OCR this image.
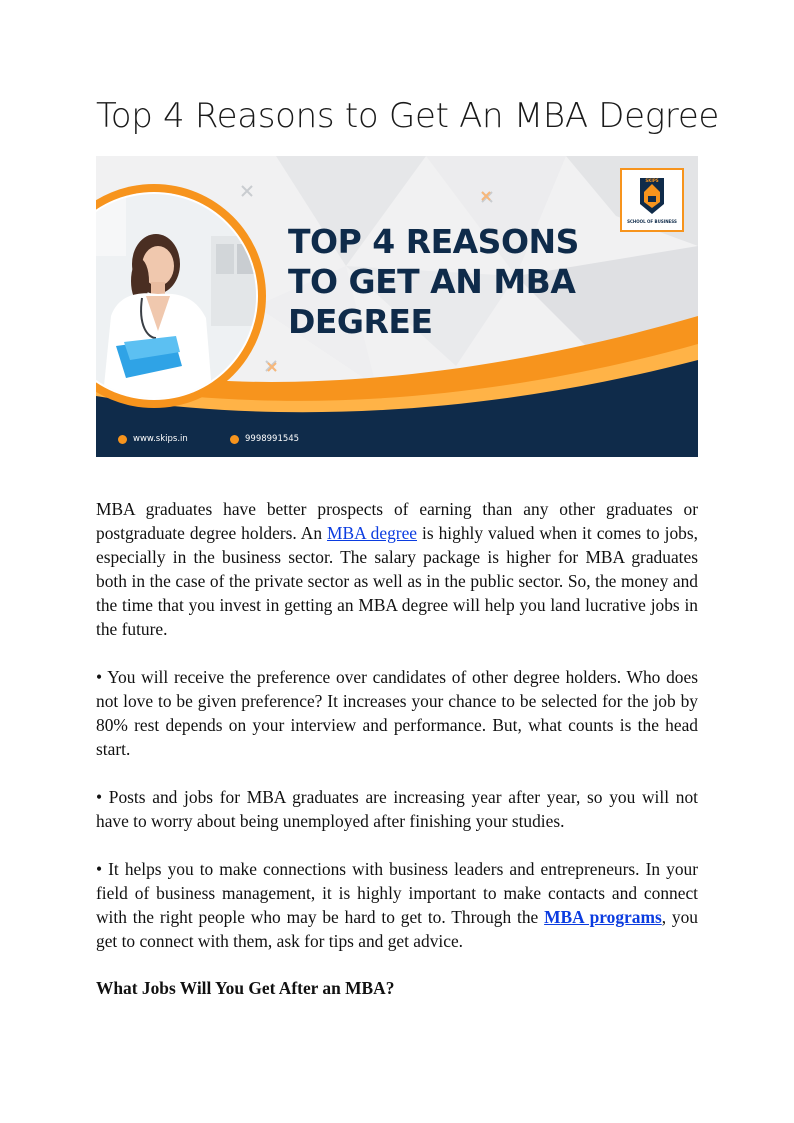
Top 4 Reasons to Get An MBA Degree
TOP 4 REASONS
TO GET AN MBA
DEGREE
SKIPS
SCHOOL OF BUSINESS
www.skips.in	9998991545

MBA graduates have better prospects of earning than any other graduates or postgraduate degree holders. An MBA degree is highly valued when it comes to jobs, especially in the business sector. The salary package is higher for MBA graduates both in the case of the private sector as well as in the public sector. So, the money and the time that you invest in getting an MBA degree will help you land lucrative jobs in the future.

• You will receive the preference over candidates of other degree holders. Who does not love to be given preference? It increases your chance to be selected for the job by 80% rest depends on your interview and performance. But, what counts is the head start.

• Posts and jobs for MBA graduates are increasing year after year, so you will not have to worry about being unemployed after finishing your studies.

• It helps you to make connections with business leaders and entrepreneurs. In your field of business management, it is highly important to make contacts and connect with the right people who may be hard to get to. Through the MBA programs, you get to connect with them, ask for tips and get advice.

What Jobs Will You Get After an MBA?
